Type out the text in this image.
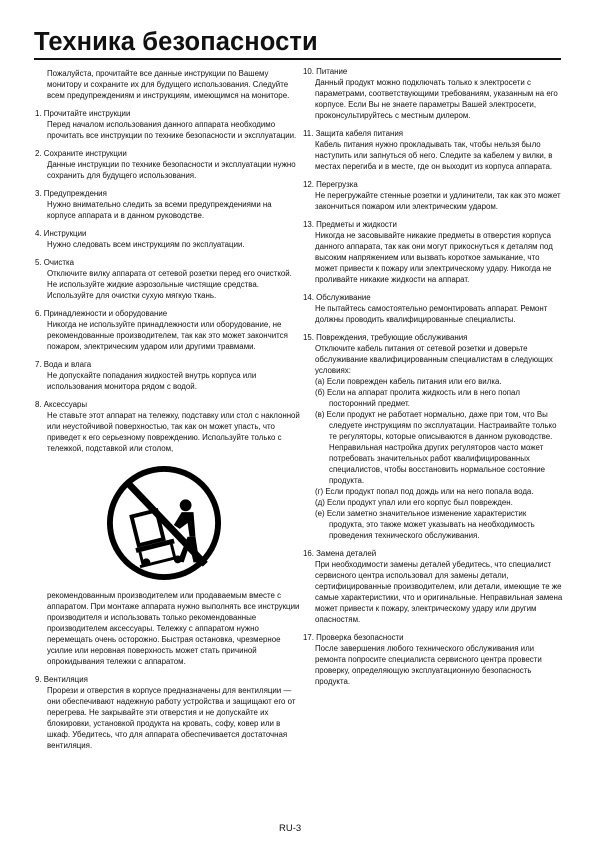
Техника безопасности
Пожалуйста, прочитайте все данные инструкции по Вашему монитору и сохраните их для будущего использования. Следуйте всем предупреждениям и инструкциям, имеющимся на мониторе.
1. Прочитайте инструкции
Перед началом использования данного аппарата необходимо прочитать все инструкции по технике безопасности и эксплуатации.
2. Сохраните инструкции
Данные инструкции по технике безопасности и эксплуатации нужно сохранить для будущего использования.
3. Предупреждения
Нужно внимательно следить за всеми предупреждениями на корпусе аппарата и в данном руководстве.
4. Инструкции
Нужно следовать всем инструкциям по эксплуатации.
5. Очистка
Отключите вилку аппарата от сетевой розетки перед его очисткой. Не используйте жидкие аэрозольные чистящие средства. Используйте для очистки сухую мягкую ткань.
6. Принадлежности и оборудование
Никогда не используйте принадлежности или оборудование, не рекомендованные производителем, так как это может закончится пожаром, электрическим ударом или другими травмами.
7. Вода и влага
Не допускайте попадания жидкостей внутрь корпуса или использования монитора рядом с водой.
8. Аксессуары
Не ставьте этот аппарат на тележку, подставку или стол с наклонной или неустойчивой поверхностью, так как он может упасть, что приведет к его серьезному повреждению. Используйте только с тележкой, подставкой или столом,
рекомендованным производителем или продаваемым вместе с аппаратом. При монтаже аппарата нужно выполнять все инструкции производителя и использовать только рекомендованные производителем аксессуары. Тележку с аппаратом нужно перемещать очень осторожно. Быстрая остановка, чрезмерное усилие или неровная поверхность может стать причиной опрокидывания тележки с аппаратом.
9. Вентиляция
Прорези и отверстия в корпусе предназначены для вентиляции — они обеспечивают надежную работу устройства и защищают его от перегрева. Не закрывайте эти отверстия и не допускайте их блокировки, установкой продукта на кровать, софу, ковер или в шкаф. Убедитесь, что для аппарата обеспечивается достаточная вентиляция.
10. Питание
Данный продукт можно подключать только к электросети с параметрами, соответствующими требованиям, указанным на его корпусе. Если Вы не знаете параметры Вашей электросети, проконсультируйтесь с местным дилером.
11. Защита кабеля питания
Кабель питания нужно прокладывать так, чтобы нельзя было наступить или запнуться об него. Следите за кабелем у вилки, в местах перегиба и в месте, где он выходит из корпуса аппарата.
12. Перегрузка
Не перегружайте стенные розетки и удлинители, так как это может закончиться пожаром или электрическим ударом.
13. Предметы и жидкости
Никогда не засовывайте никакие предметы в отверстия корпуса данного аппарата, так как они могут прикоснуться к деталям под высоким напряжением или вызвать короткое замыкание, что может привести к пожару или электрическому удару. Никогда не проливайте никакие жидкости на аппарат.
14. Обслуживание
Не пытайтесь самостоятельно ремонтировать аппарат. Ремонт должны проводить квалифицированные специалисты.
15. Повреждения, требующие обслуживания
Отключите кабель питания от сетевой розетки и доверьте обслуживание квалифицированным специалистам в следующих условиях:
(а) Если поврежден кабель питания или его вилка.
(б) Если на аппарат пролита жидкость или в него попал посторонний предмет.
(в) Если продукт не работает нормально, даже при том, что Вы следуете инструкциям по эксплуатации. Настраивайте только те регуляторы, которые описываются в данном руководстве. Неправильная настройка других регуляторов часто может потребовать значительных работ квалифицированных специалистов, чтобы восстановить нормальное состояние продукта.
(г) Если продукт попал под дождь или на него попала вода.
(д) Если продукт упал или его корпус был поврежден.
(е) Если заметно значительное изменение характеристик продукта, это также может указывать на необходимость проведения технического обслуживания.
16. Замена деталей
При необходимости замены деталей убедитесь, что специалист сервисного центра использовал для замены детали, сертифицированные производителем, или детали, имеющие те же самые характеристики, что и оригинальные. Неправильная замена может привести к пожару, электрическому удару или другим опасностям.
17. Проверка безопасности
После завершения любого технического обслуживания или ремонта попросите специалиста сервисного центра провести проверку, определяющую эксплуатационную безопасность продукта.
RU-3
